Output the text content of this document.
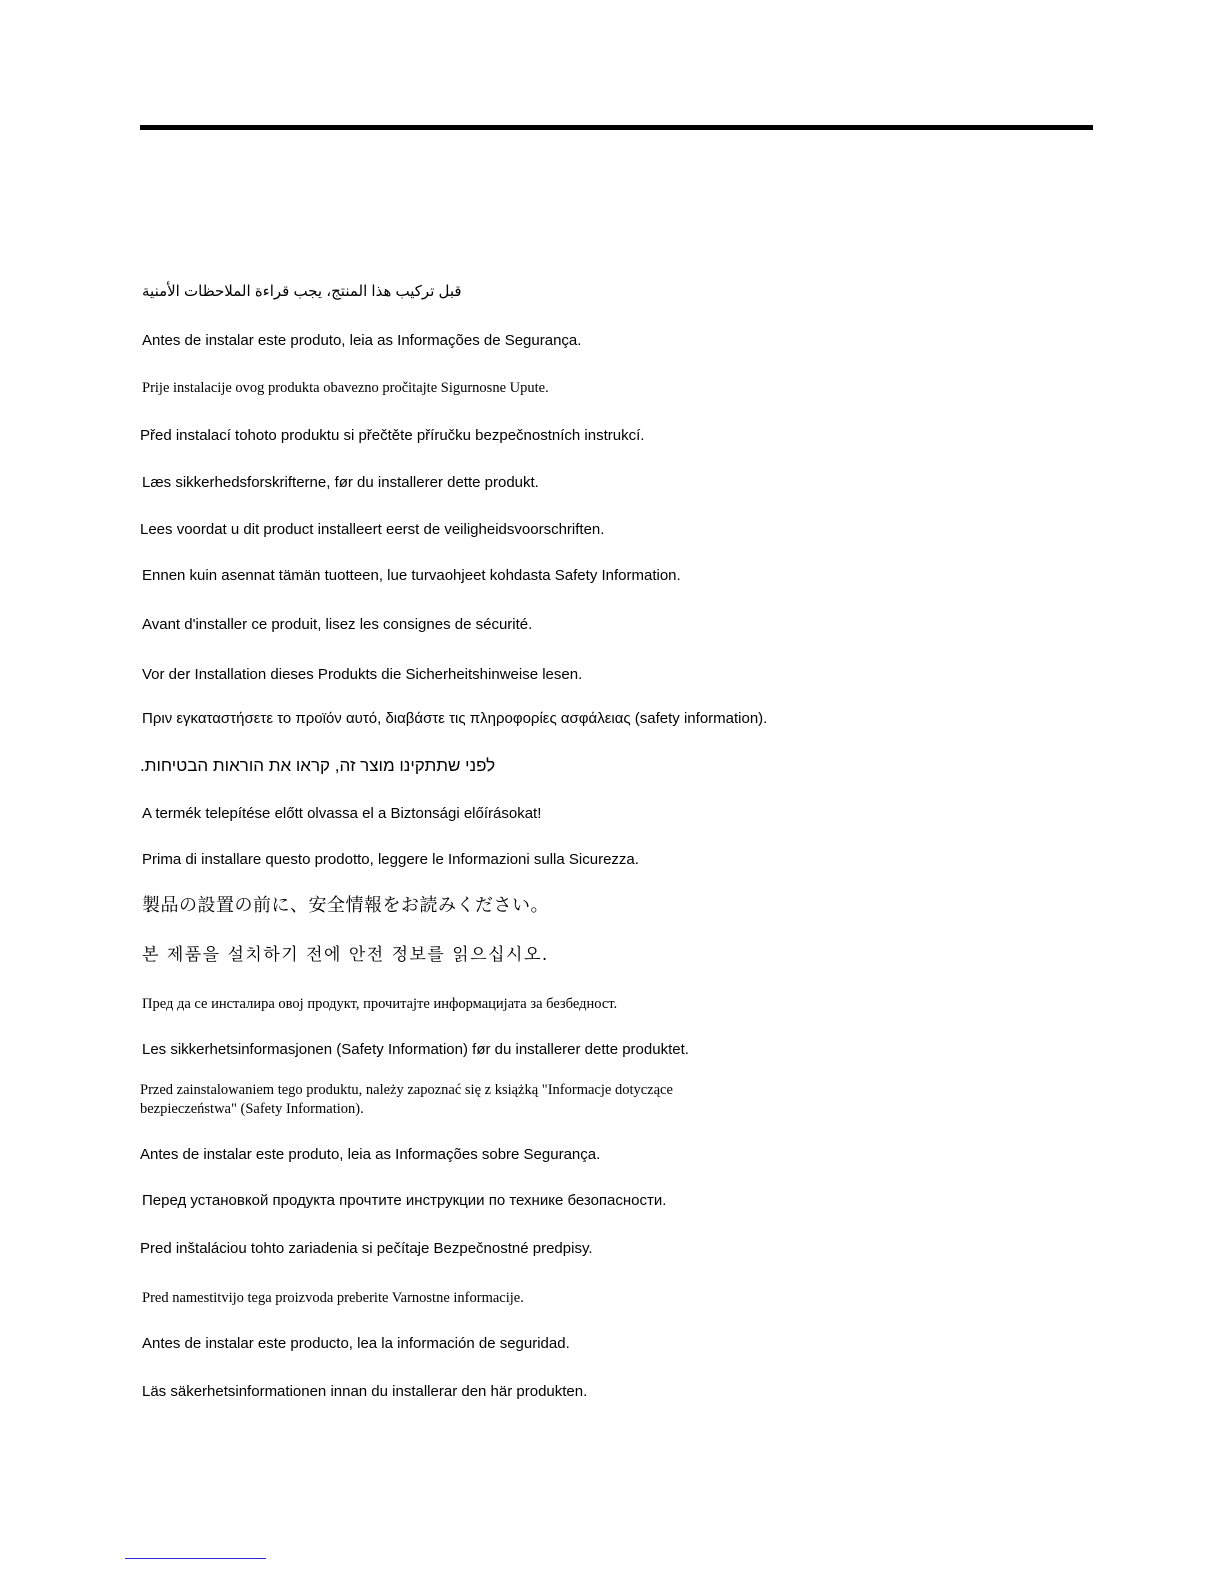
قبل تركيب هذا المنتج، يجب قراءة الملاحظات الأمنية
Antes de instalar este produto, leia as Informações de Segurança.
Prije instalacije ovog produkta obavezno pročitajte Sigurnosne Upute.
Před instalací tohoto produktu si přečtěte příručku bezpečnostních instrukcí.
Læs sikkerhedsforskrifterne, før du installerer dette produkt.
Lees voordat u dit product installeert eerst de veiligheidsvoorschriften.
Ennen kuin asennat tämän tuotteen, lue turvaohjeet kohdasta Safety Information.
Avant d'installer ce produit, lisez les consignes de sécurité.
Vor der Installation dieses Produkts die Sicherheitshinweise lesen.
Πριν εγκαταστήσετε το προϊόν αυτό, διαβάστε τις πληροφορίες ασφάλειας (safety information).
לפני שתתקינו מוצר זה, קראו את הוראות הבטיחות.
A termék telepítése előtt olvassa el a Biztonsági előírásokat!
Prima di installare questo prodotto, leggere le Informazioni sulla Sicurezza.
製品の設置の前に、安全情報をお読みください。
본 제품을 설치하기 전에 안전 정보를 읽으십시오.
Пред да се инсталира овој продукт, прочитајте информацијата за безбедност.
Les sikkerhetsinformasjonen (Safety Information) før du installerer dette produktet.
Przed zainstalowaniem tego produktu, należy zapoznać się z książką "Informacje dotyczące bezpieczeństwa" (Safety Information).
Antes de instalar este produto, leia as Informações sobre Segurança.
Перед установкой продукта прочтите инструкции по технике безопасности.
Pred inštaláciou tohto zariadenia si pečítaje Bezpečnostné predpisy.
Pred namestitvijo tega proizvoda preberite Varnostne informacije.
Antes de instalar este producto, lea la información de seguridad.
Läs säkerhetsinformationen innan du installerar den här produkten.
